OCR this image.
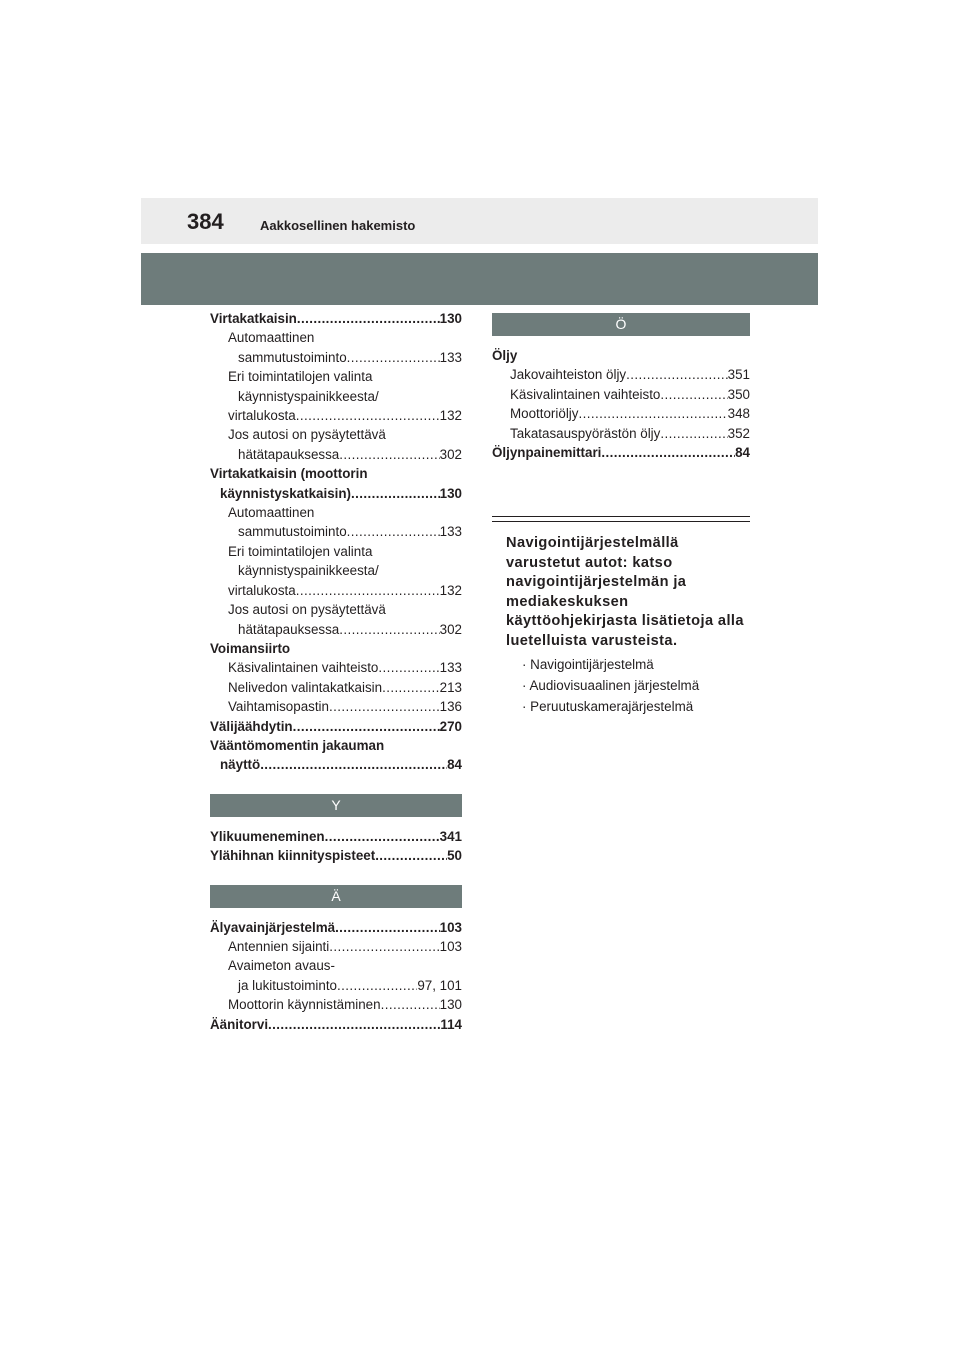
384	Aakkosellinen hakemisto
Virtakatkaisin .....	130
Automaattinen
sammutustoiminto .....	133
Eri toimintatilojen valinta
käynnistyspainikkeesta/
virtalukosta .....	132
Jos autosi on pysäytettävä
hätätapauksessa .....	302
Virtakatkaisin (moottorin
käynnistyskatkaisin) .....	130
Automaattinen
sammutustoiminto .....	133
Eri toimintatilojen valinta
käynnistyspainikkeesta/
virtalukosta .....	132
Jos autosi on pysäytettävä
hätätapauksessa .....	302
Voimansiirto
Käsivalintainen vaihteisto .....	133
Nelivedon valintakatkaisin .....	213
Vaihtamisopastin .....	136
Välijäähdytin .....	270
Vääntömomentin jakauman
näyttö .....	84
Y
Ylikuumeneminen .....	341
Ylähihnan kiinnityspisteet .....	50
Ä
Älyavainjärjestelmä .....	103
Antennien sijainti .....	103
Avaimeton avaus-
ja lukitustoiminto .....	97, 101
Moottorin käynnistäminen .....	130
Äänitorvi .....	114
Ö
Öljy
Jakovaihteiston öljy .....	351
Käsivalintainen vaihteisto .....	350
Moottoriöljy .....	348
Takatasauspyörästön öljy .....	352
Öljynpainemittari .....	84
Navigointijärjestelmällä varustetut autot: katso navigointijärjestelmän ja mediakeskuksen käyttöohjekirjasta lisätietoja alla luetelluista varusteista.
· Navigointijärjestelmä
· Audiovisuaalinen järjestelmä
· Peruutuskamerajärjestelmä
